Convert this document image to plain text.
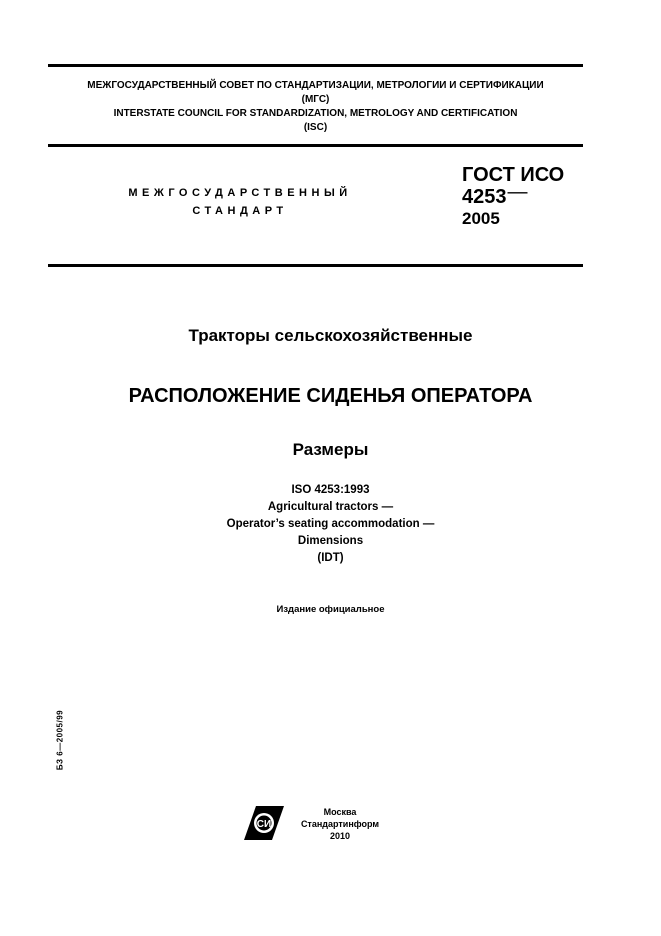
МЕЖГОСУДАРСТВЕННЫЙ СОВЕТ ПО СТАНДАРТИЗАЦИИ, МЕТРОЛОГИИ И СЕРТИФИКАЦИИ
(МГС)
INTERSTATE COUNCIL FOR STANDARDIZATION, METROLOGY AND CERTIFICATION
(ISC)
МЕЖГОСУДАРСТВЕННЫЙ
СТАНДАРТ
ГОСТ ИСО
4253—
2005
Тракторы сельскохозяйственные
РАСПОЛОЖЕНИЕ СИДЕНЬЯ ОПЕРАТОРА
Размеры
ISO 4253:1993
Agricultural tractors —
Operator’s seating accommodation —
Dimensions
(IDT)
Издание официальное
БЗ 6—2005/99
СИ
Москва
Стандартинформ
2010
